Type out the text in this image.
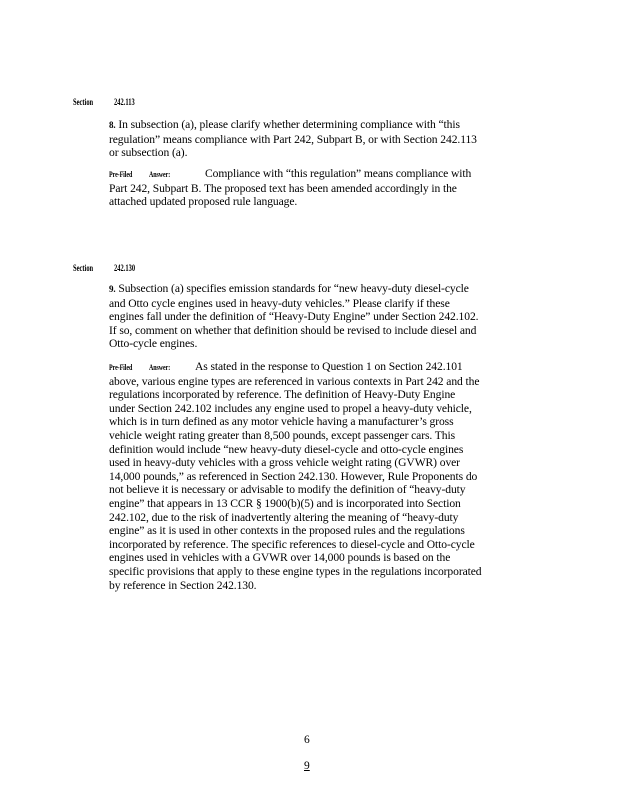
Section 242.113
8. In subsection (a), please clarify whether determining compliance with “this
regulation” means compliance with Part 242, Subpart B, or with Section 242.113
or subsection (a).
Pre-Filed Answer:	Compliance with “this regulation” means compliance with
Part 242, Subpart B. The proposed text has been amended accordingly in the
attached updated proposed rule language.
Section 242.130
9. Subsection (a) specifies emission standards for “new heavy-duty diesel-cycle
and Otto cycle engines used in heavy-duty vehicles.” Please clarify if these
engines fall under the definition of “Heavy-Duty Engine” under Section 242.102.
If so, comment on whether that definition should be revised to include diesel and
Otto-cycle engines.
Pre-Filed Answer: As stated in the response to Question 1 on Section 242.101
above, various engine types are referenced in various contexts in Part 242 and the
regulations incorporated by reference. The definition of Heavy-Duty Engine
under Section 242.102 includes any engine used to propel a heavy-duty vehicle,
which is in turn defined as any motor vehicle having a manufacturer’s gross
vehicle weight rating greater than 8,500 pounds, except passenger cars. This
definition would include “new heavy-duty diesel-cycle and otto-cycle engines
used in heavy-duty vehicles with a gross vehicle weight rating (GVWR) over
14,000 pounds,” as referenced in Section 242.130. However, Rule Proponents do
not believe it is necessary or advisable to modify the definition of “heavy-duty
engine” that appears in 13 CCR § 1900(b)(5) and is incorporated into Section
242.102, due to the risk of inadvertently altering the meaning of “heavy-duty
engine” as it is used in other contexts in the proposed rules and the regulations
incorporated by reference. The specific references to diesel-cycle and Otto-cycle
engines used in vehicles with a GVWR over 14,000 pounds is based on the
specific provisions that apply to these engine types in the regulations incorporated
by reference in Section 242.130.
6
9
